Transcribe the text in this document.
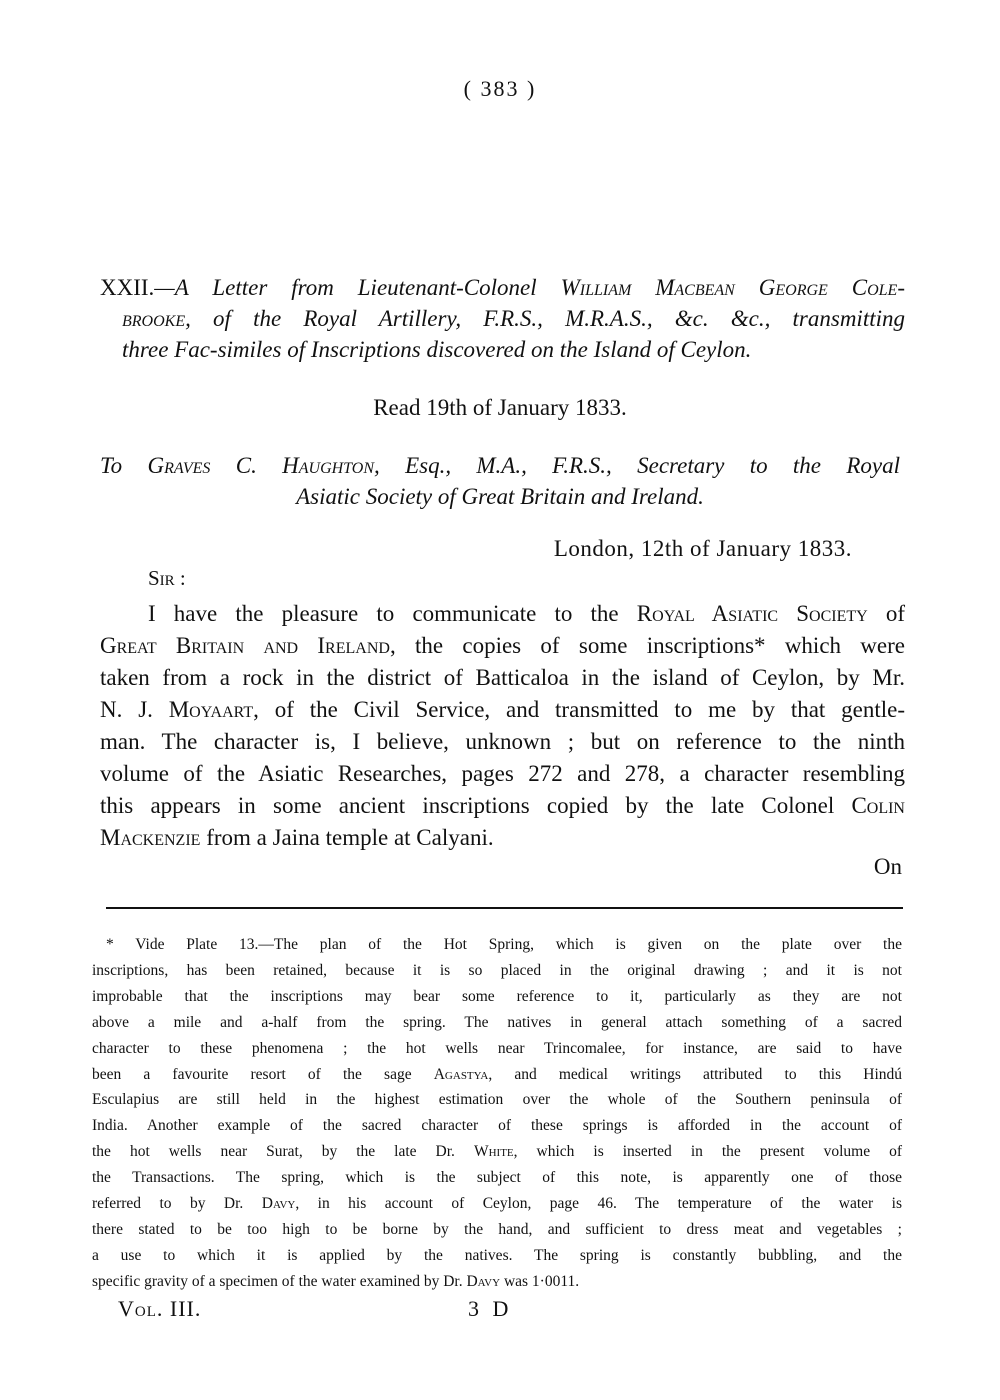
( 383 )
XXII.—A Letter from Lieutenant-Colonel William Macbean George Cole-
brooke, of the Royal Artillery, F.R.S., M.R.A.S., &c. &c., transmitting
three Fac-similes of Inscriptions discovered on the Island of Ceylon.
Read 19th of January 1833.
To Graves C. Haughton, Esq., M.A., F.R.S., Secretary to the Royal
Asiatic Society of Great Britain and Ireland.
London, 12th of January 1833.
Sir :
I have the pleasure to communicate to the Royal Asiatic Society of
Great Britain and Ireland, the copies of some inscriptions* which were
taken from a rock in the district of Batticaloa in the island of Ceylon, by Mr.
N. J. Moyaart, of the Civil Service, and transmitted to me by that gentle-
man. The character is, I believe, unknown ; but on reference to the ninth
volume of the Asiatic Researches, pages 272 and 278, a character resembling
this appears in some ancient inscriptions copied by the late Colonel Colin
Mackenzie from a Jaina temple at Calyani.
On
* Vide Plate 13.—The plan of the Hot Spring, which is given on the plate over the
inscriptions, has been retained, because it is so placed in the original drawing ; and it is not
improbable that the inscriptions may bear some reference to it, particularly as they are not
above a mile and a-half from the spring. The natives in general attach something of a sacred
character to these phenomena ; the hot wells near Trincomalee, for instance, are said to have
been a favourite resort of the sage Agastya, and medical writings attributed to this Hindú
Esculapius are still held in the highest estimation over the whole of the Southern peninsula of
India. Another example of the sacred character of these springs is afforded in the account of
the hot wells near Surat, by the late Dr. White, which is inserted in the present volume of
the Transactions. The spring, which is the subject of this note, is apparently one of those
referred to by Dr. Davy, in his account of Ceylon, page 46. The temperature of the water is
there stated to be too high to be borne by the hand, and sufficient to dress meat and vegetables ;
a use to which it is applied by the natives. The spring is constantly bubbling, and the
specific gravity of a specimen of the water examined by Dr. Davy was 1·0011.
Vol. III.	3 D
